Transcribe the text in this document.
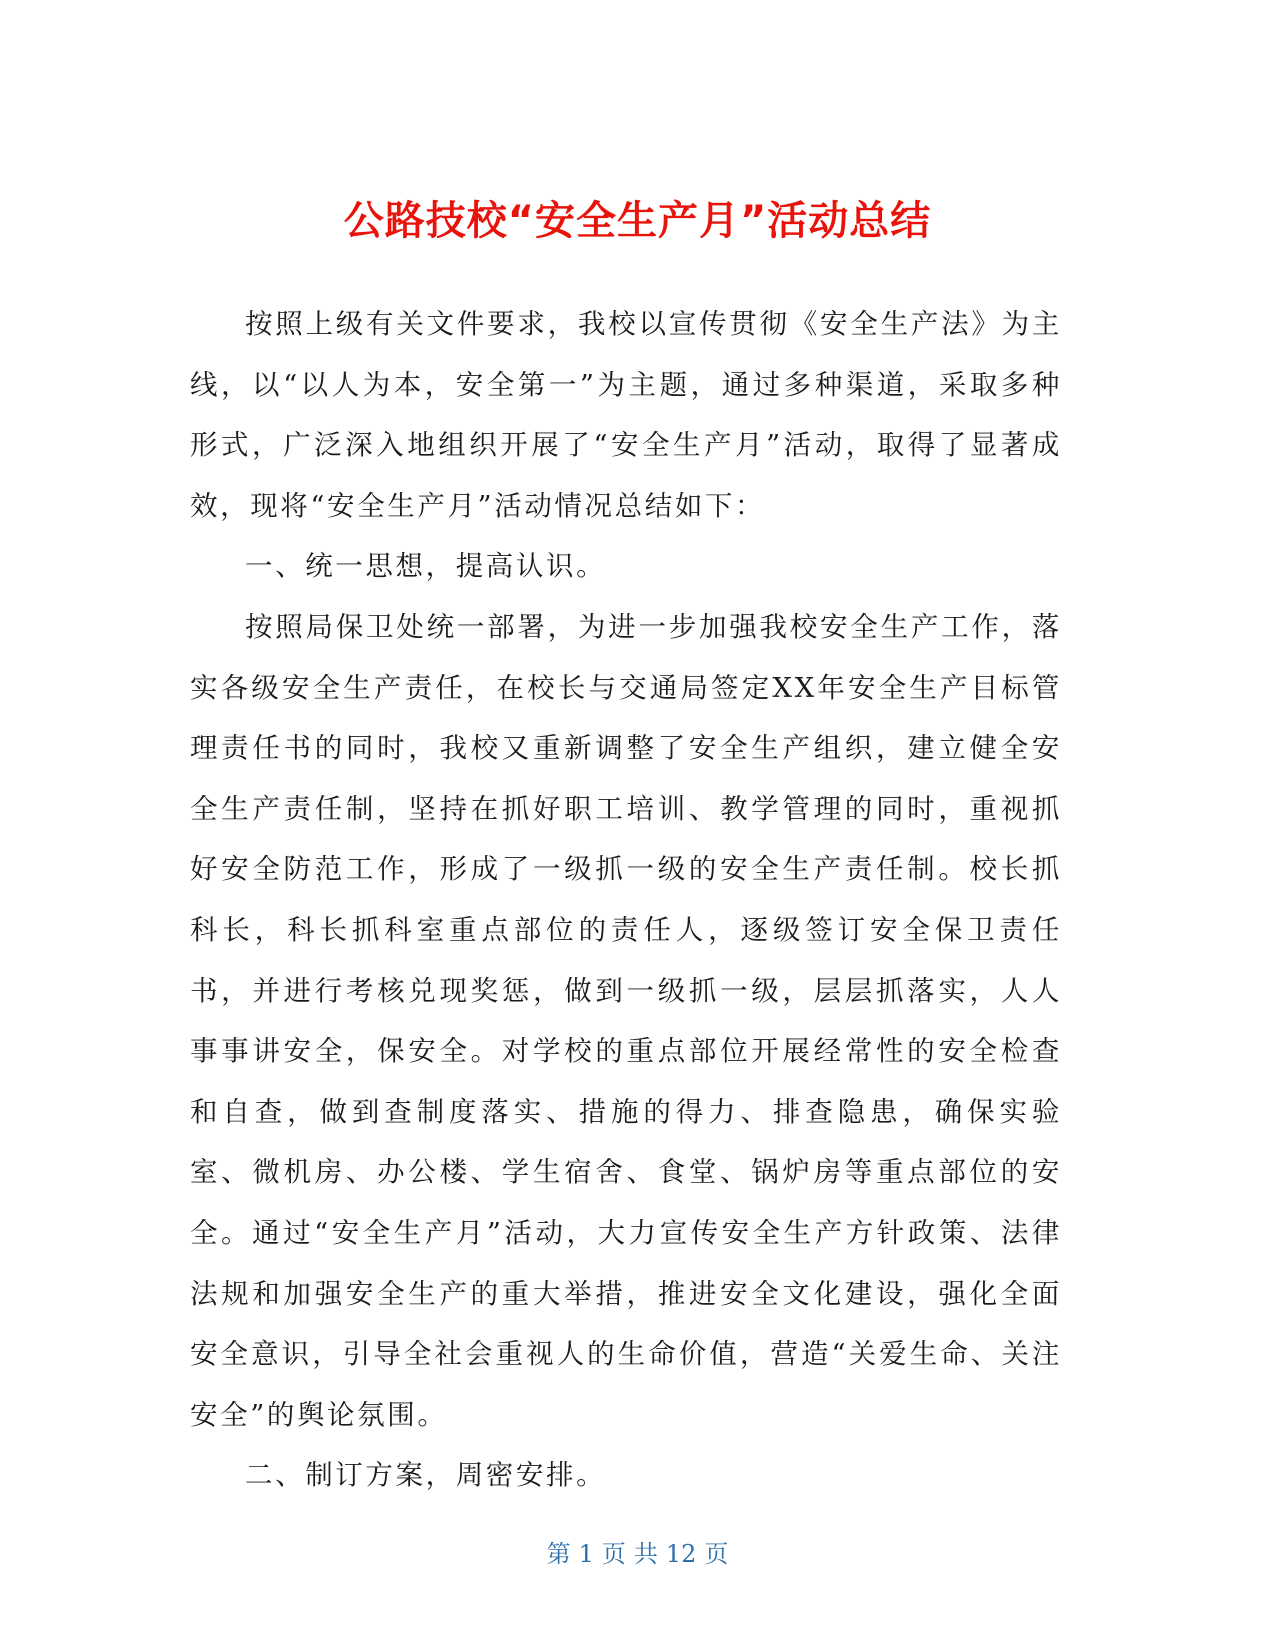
公路技校“安全生产月”活动总结

按照上级有关文件要求，我校以宣传贯彻《安全生产法》为主线，以“以人为本，安全第一”为主题，通过多种渠道，采取多种形式，广泛深入地组织开展了“安全生产月”活动，取得了显著成效，现将“安全生产月”活动情况总结如下：

一、统一思想，提高认识。

按照局保卫处统一部署，为进一步加强我校安全生产工作，落实各级安全生产责任，在校长与交通局签定XX年安全生产目标管理责任书的同时，我校又重新调整了安全生产组织，建立健全安全生产责任制，坚持在抓好职工培训、教学管理的同时，重视抓好安全防范工作，形成了一级抓一级的安全生产责任制。校长抓科长，科长抓科室重点部位的责任人，逐级签订安全保卫责任书，并进行考核兑现奖惩，做到一级抓一级，层层抓落实，人人事事讲安全，保安全。对学校的重点部位开展经常性的安全检查和自查，做到查制度落实、措施的得力、排查隐患，确保实验室、微机房、办公楼、学生宿舍、食堂、锅炉房等重点部位的安全。通过“安全生产月”活动，大力宣传安全生产方针政策、法律法规和加强安全生产的重大举措，推进安全文化建设，强化全面安全意识，引导全社会重视人的生命价值，营造“关爱生命、关注安全”的舆论氛围。

二、制订方案，周密安排。

第 1 页 共 12 页
